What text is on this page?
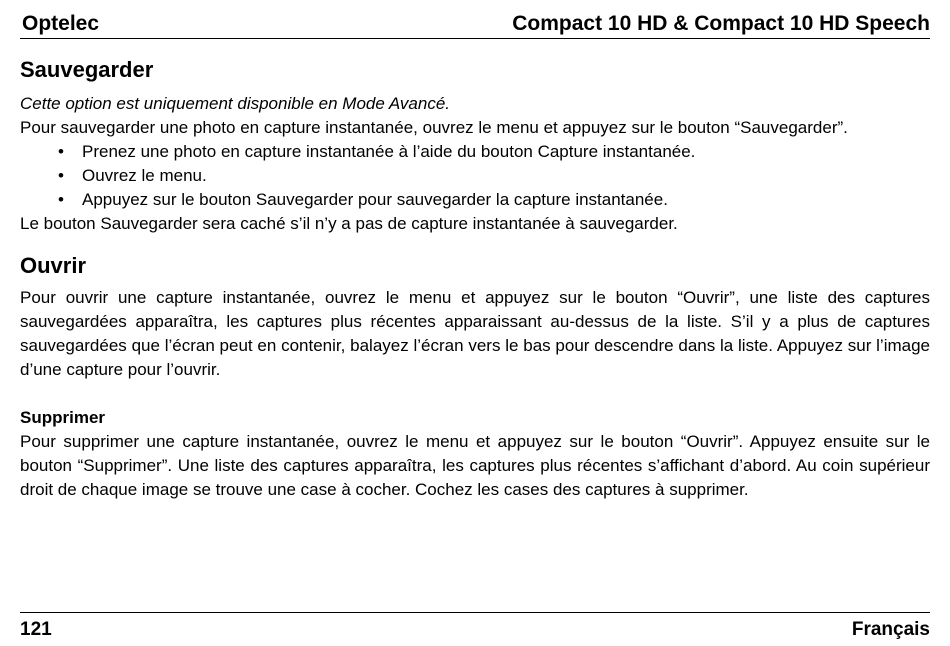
Optelec	Compact 10 HD & Compact 10 HD Speech
Sauvegarder

Cette option est uniquement disponible en Mode Avancé.

Pour sauvegarder une photo en capture instantanée, ouvrez le menu et appuyez sur le bouton “Sauvegarder”.

• Prenez une photo en capture instantanée à l’aide du bouton Capture instantanée.
• Ouvrez le menu.
• Appuyez sur le bouton Sauvegarder pour sauvegarder la capture instantanée.

Le bouton Sauvegarder sera caché s’il n’y a pas de capture instantanée à sauvegarder.

Ouvrir

Pour ouvrir une capture instantanée, ouvrez le menu et appuyez sur le bouton “Ouvrir”, une liste des captures sauvegardées apparaîtra, les captures plus récentes apparaissant au-dessus de la liste. S’il y a plus de captures sauvegardées que l’écran peut en contenir, balayez l’écran vers le bas pour descendre dans la liste. Appuyez sur l’image d’une capture pour l’ouvrir.

Supprimer

Pour supprimer une capture instantanée, ouvrez le menu et appuyez sur le bouton “Ouvrir”. Appuyez ensuite sur le bouton “Supprimer”. Une liste des captures apparaîtra, les captures plus récentes s’affichant d’abord. Au coin supérieur droit de chaque image se trouve une case à cocher. Cochez les cases des captures à supprimer.

121	Français
